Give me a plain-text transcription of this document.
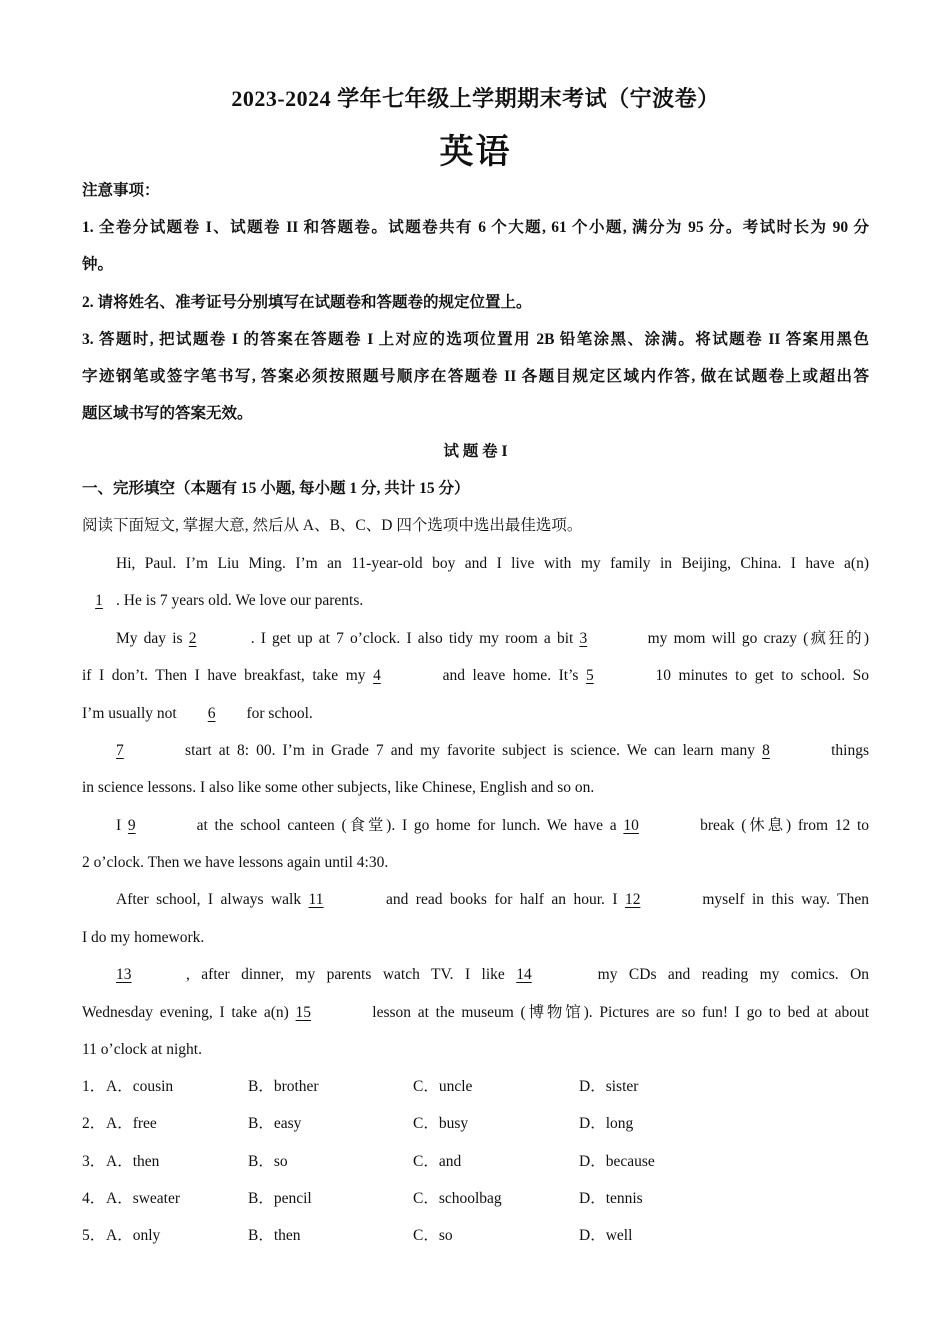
2023-2024 学年七年级上学期期末考试（宁波卷）
英语
注意事项：
1. 全卷分试题卷 I、试题卷 II 和答题卷。试题卷共有 6 个大题, 61 个小题, 满分为 95 分。考试时长为 90 分
钟。
2. 请将姓名、准考证号分别填写在试题卷和答题卷的规定位置上。
3. 答题时, 把试题卷 I 的答案在答题卷 I 上对应的选项位置用 2B 铅笔涂黑、涂满。将试题卷 II 答案用黑色
字迹钢笔或签字笔书写, 答案必须按照题号顺序在答题卷 II 各题目规定区域内作答, 做在试题卷上或超出答
题区域书写的答案无效。
试 题 卷 I
一、完形填空（本题有 15 小题, 每小题 1 分, 共计 15 分）
阅读下面短文, 掌握大意, 然后从 A、B、C、D 四个选项中选出最佳选项。
Hi, Paul. I’m Liu Ming. I’m an 11-year-old boy and I live with my family in Beijing, China. I have a(n)
1 . He is 7 years old. We love our parents.
My day is 2	. I get up at 7 o’clock. I also tidy my room a bit 3	my mom will go crazy (疯狂的)
if I don’t. Then I have breakfast, take my 4	and leave home. It’s 5	10 minutes to get to school. So
I’m usually not 6 for school.
7	start at 8: 00. I’m in Grade 7 and my favorite subject is science. We can learn many 8	things
in science lessons. I also like some other subjects, like Chinese, English and so on.
I 9	at the school canteen (食堂). I go home for lunch. We have a 10	break (休息) from 12 to
2 o’clock. Then we have lessons again until 4:30.
After school, I always walk 11	and read books for half an hour. I 12	myself in this way. Then
I do my homework.
13	, after dinner, my parents watch TV. I like 14	my CDs and reading my comics. On
Wednesday evening, I take a(n) 15	lesson at the museum (博物馆). Pictures are so fun! I go to bed at about
11 o’clock at night.
1． A．cousin	B．brother	C．uncle	D．sister
2． A．free	B．easy	C．busy	D．long
3． A．then	B．so	C．and	D．because
4． A．sweater	B．pencil	C．schoolbag	D．tennis
5． A．only	B．then	C．so	D．well
